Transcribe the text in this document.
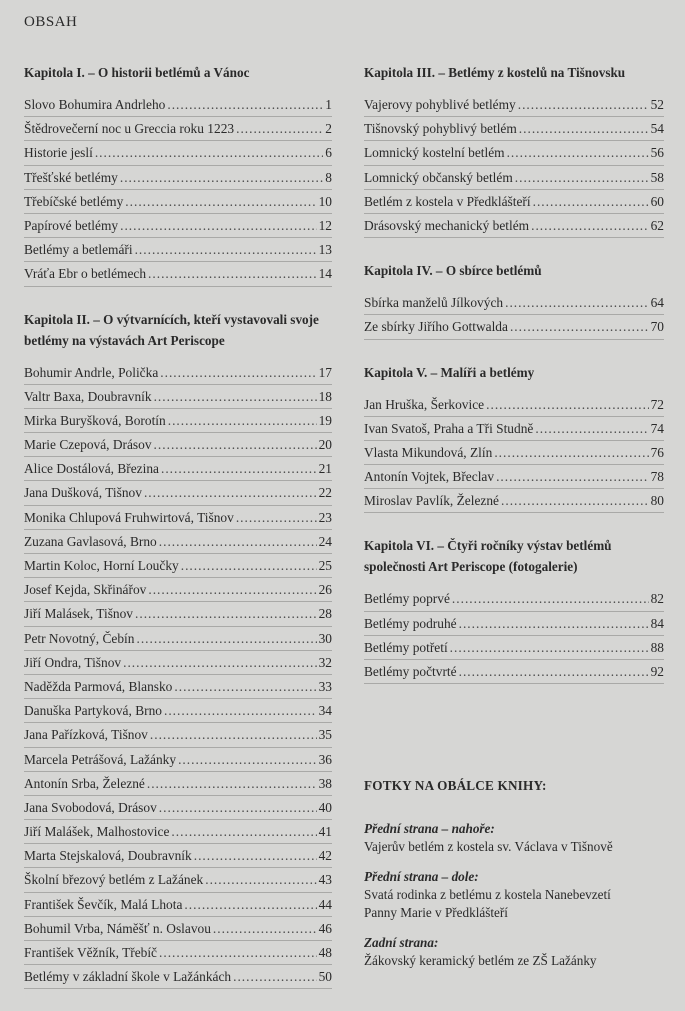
OBSAH
Kapitola I. – O historii betlémů a Vánoc
Slovo Bohumira Andrleho .....	1
Štědrovečerní noc u Greccia roku 1223 .....	2
Historie jeslí .....	6
Třešťské betlémy .....	8
Třebíčské betlémy .....	10
Papírové betlémy .....	12
Betlémy a betlemáři .....	13
Vráťa Ebr o betlémech .....	14
Kapitola II. – O výtvarnících, kteří vystavovali svoje betlémy na výstavách Art Periscope
Bohumir Andrle, Polička .....	17
Valtr Baxa, Doubravník .....	18
Mirka Buryšková, Borotín .....	19
Marie Czepová, Drásov .....	20
Alice Dostálová, Březina .....	21
Jana Dušková, Tišnov .....	22
Monika Chlupová Fruhwirtová, Tišnov .....	23
Zuzana Gavlasová, Brno .....	24
Martin Koloc, Horní Loučky .....	25
Josef Kejda, Skřinářov .....	26
Jiří Malásek, Tišnov .....	28
Petr Novotný, Čebín .....	30
Jiří Ondra, Tišnov .....	32
Naděžda Parmová, Blansko .....	33
Danuška Partyková, Brno .....	34
Jana Pařízková, Tišnov .....	35
Marcela Petrášová, Lažánky .....	36
Antonín Srba, Železné .....	38
Jana Svobodová, Drásov .....	40
Jiří Malášek, Malhostovice .....	41
Marta Stejskalová, Doubravník .....	42
Školní březový betlém z Lažánek .....	43
František Ševčík, Malá Lhota .....	44
Bohumil Vrba, Náměšť n. Oslavou .....	46
František Věžník, Třebíč .....	48
Betlémy v základní škole v Lažánkách .....	50
Kapitola III. – Betlémy z kostelů na Tišnovsku
Vajerovy pohyblivé betlémy .....	52
Tišnovský pohyblivý betlém .....	54
Lomnický kostelní betlém .....	56
Lomnický občanský betlém .....	58
Betlém z kostela v Předklášteří .....	60
Drásovský mechanický betlém .....	62
Kapitola IV. – O sbírce betlémů
Sbírka manželů Jílkových .....	64
Ze sbírky Jiřího Gottwalda .....	70
Kapitola V. – Malíři a betlémy
Jan Hruška, Šerkovice .....	72
Ivan Svatoš, Praha a Tři Studně .....	74
Vlasta Mikundová, Zlín .....	76
Antonín Vojtek, Břeclav .....	78
Miroslav Pavlík, Železné .....	80
Kapitola VI. – Čtyři ročníky výstav betlémů společnosti Art Periscope (fotogalerie)
Betlémy poprvé .....	82
Betlémy podruhé .....	84
Betlémy potřetí .....	88
Betlémy počtvrté .....	92
FOTKY NA OBÁLCE KNIHY:
Přední strana – nahoře:
Vajerův betlém z kostela sv. Václava v Tišnově
Přední strana – dole:
Svatá rodinka z betlému z kostela Nanebevzetí
Panny Marie v Předklášteří
Zadní strana:
Žákovský keramický betlém ze ZŠ Lažánky
